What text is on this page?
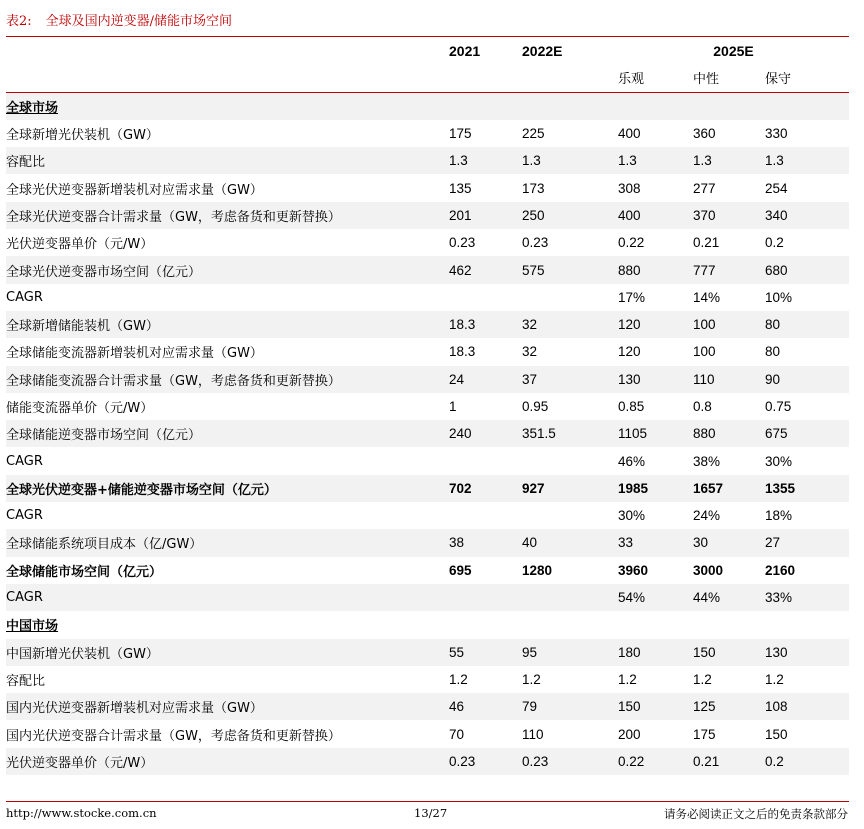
表2: 全球及国内逆变器/储能市场空间
	2021	2022E	2025E		
			乐观	中性	保守
全球市场					
全球新增光伏装机（GW）	175	225	400	360	330
容配比	1.3	1.3	1.3	1.3	1.3
全球光伏逆变器新增装机对应需求量（GW）	135	173	308	277	254
全球光伏逆变器合计需求量（GW，考虑备货和更新替换）	201	250	400	370	340
光伏逆变器单价（元/W）	0.23	0.23	0.22	0.21	0.2
全球光伏逆变器市场空间（亿元）	462	575	880	777	680
CAGR			17%	14%	10%
全球新增储能装机（GW）	18.3	32	120	100	80
全球储能变流器新增装机对应需求量（GW）	18.3	32	120	100	80
全球储能变流器合计需求量（GW，考虑备货和更新替换）	24	37	130	110	90
储能变流器单价（元/W）	1	0.95	0.85	0.8	0.75
全球储能逆变器市场空间（亿元）	240	351.5	1105	880	675
CAGR			46%	38%	30%
全球光伏逆变器+储能逆变器市场空间（亿元）	702	927	1985	1657	1355
CAGR			30%	24%	18%
全球储能系统项目成本（亿/GW）	38	40	33	30	27
全球储能市场空间（亿元）	695	1280	3960	3000	2160
CAGR			54%	44%	33%
中国市场					
中国新增光伏装机（GW）	55	95	180	150	130
容配比	1.2	1.2	1.2	1.2	1.2
国内光伏逆变器新增装机对应需求量（GW）	46	79	150	125	108
国内光伏逆变器合计需求量（GW，考虑备货和更新替换）	70	110	200	175	150
光伏逆变器单价（元/W）	0.23	0.23	0.22	0.21	0.2
http://www.stocke.com.cn	13/27	请务必阅读正文之后的免责条款部分
